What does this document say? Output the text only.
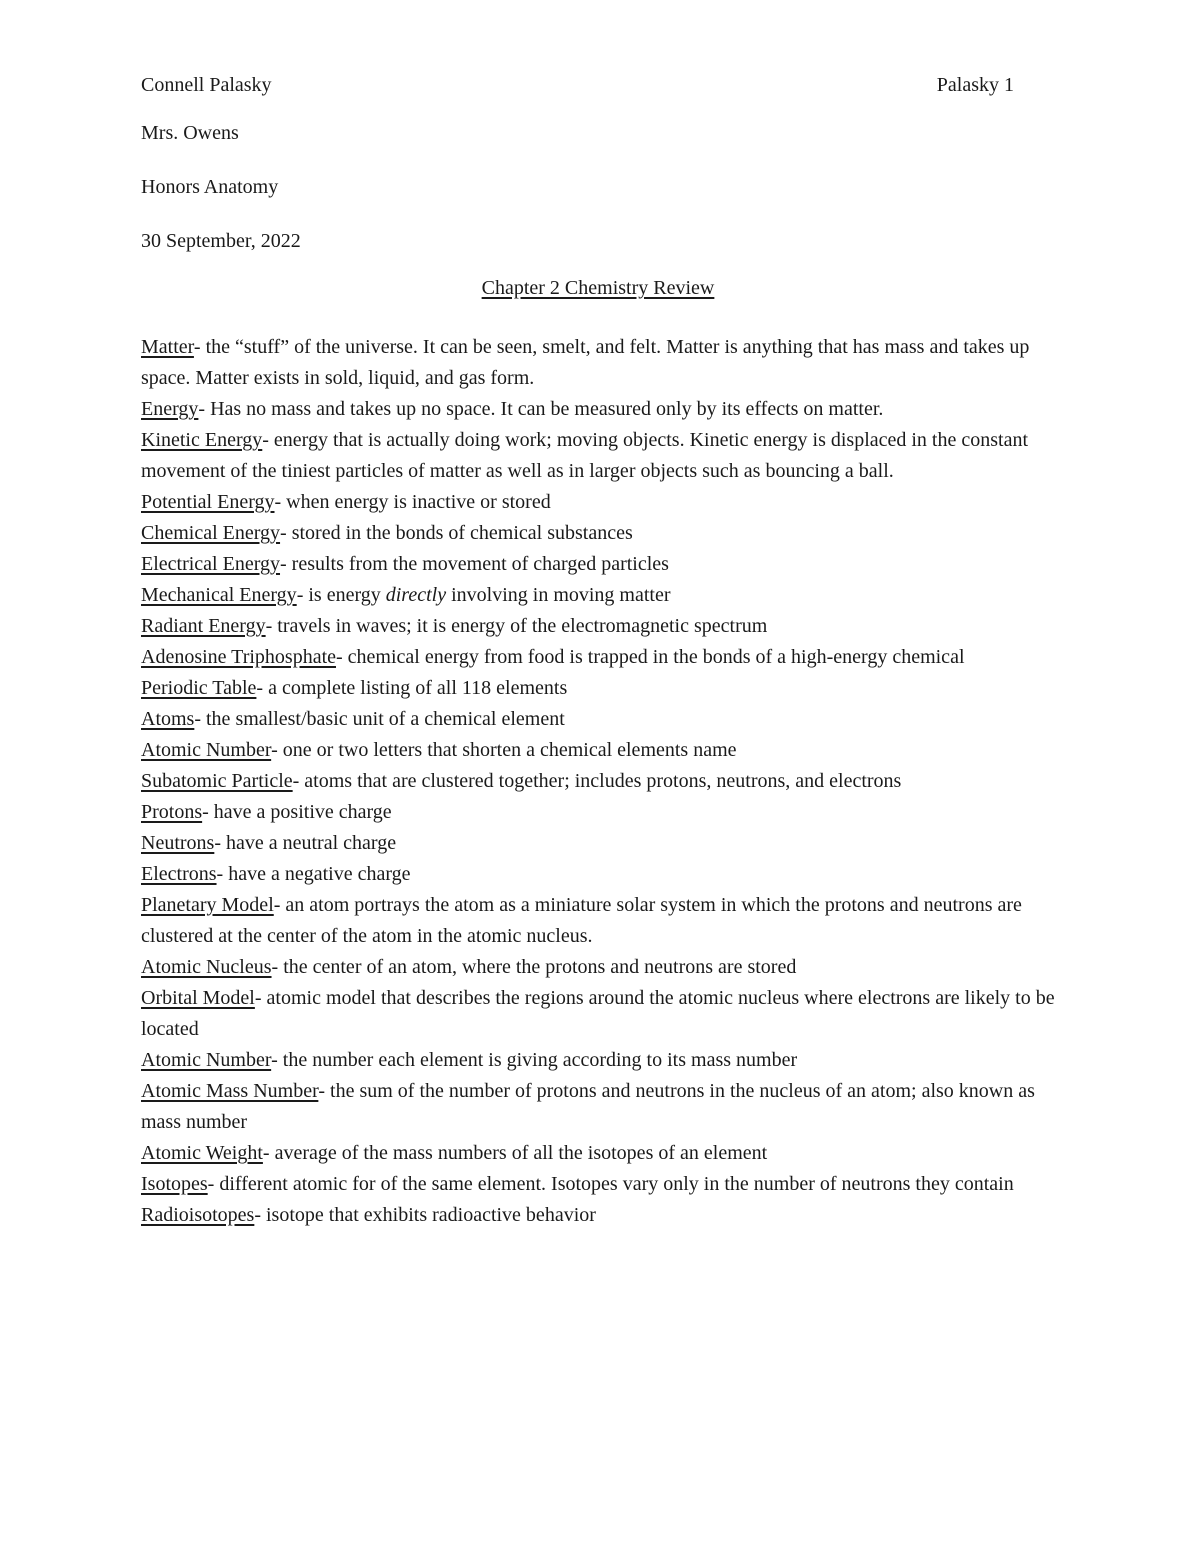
Connell Palasky	Palasky 1
Mrs. Owens
Honors Anatomy
30 September, 2022
Chapter 2 Chemistry Review

Matter- the “stuff” of the universe. It can be seen, smelt, and felt. Matter is anything that has mass and takes up space. Matter exists in sold, liquid, and gas form.

Energy- Has no mass and takes up no space. It can be measured only by its effects on matter.

Kinetic Energy- energy that is actually doing work; moving objects. Kinetic energy is displaced in the constant movement of the tiniest particles of matter as well as in larger objects such as bouncing a ball.

Potential Energy- when energy is inactive or stored

Chemical Energy- stored in the bonds of chemical substances

Electrical Energy- results from the movement of charged particles

Mechanical Energy- is energy directly involving in moving matter

Radiant Energy- travels in waves; it is energy of the electromagnetic spectrum

Adenosine Triphosphate- chemical energy from food is trapped in the bonds of a high-energy chemical

Periodic Table- a complete listing of all 118 elements

Atoms- the smallest/basic unit of a chemical element

Atomic Number- one or two letters that shorten a chemical elements name

Subatomic Particle- atoms that are clustered together; includes protons, neutrons, and electrons

Protons- have a positive charge

Neutrons- have a neutral charge

Electrons- have a negative charge

Planetary Model- an atom portrays the atom as a miniature solar system in which the protons and neutrons are clustered at the center of the atom in the atomic nucleus.

Atomic Nucleus- the center of an atom, where the protons and neutrons are stored

Orbital Model- atomic model that describes the regions around the atomic nucleus where electrons are likely to be located

Atomic Number- the number each element is giving according to its mass number

Atomic Mass Number- the sum of the number of protons and neutrons in the nucleus of an atom; also known as mass number

Atomic Weight- average of the mass numbers of all the isotopes of an element

Isotopes- different atomic for of the same element. Isotopes vary only in the number of neutrons they contain

Radioisotopes- isotope that exhibits radioactive behavior
